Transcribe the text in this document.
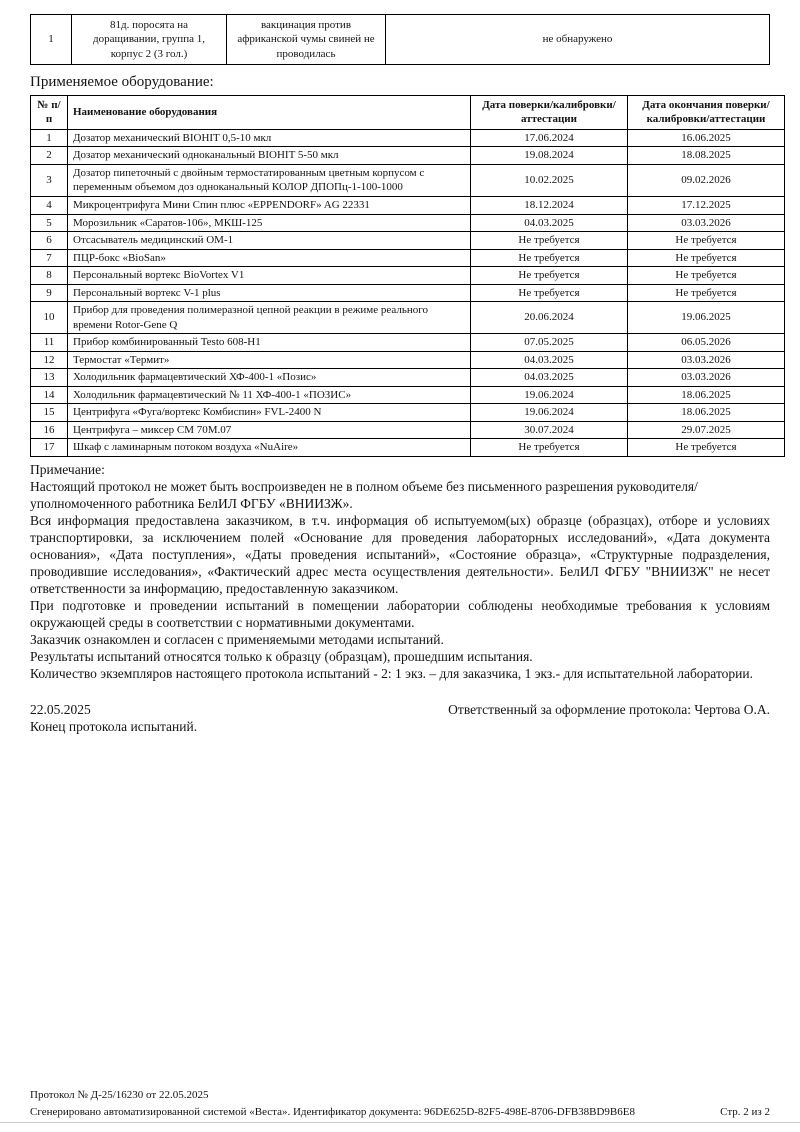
1	81д. поросята на доращивании, группа 1, корпус 2 (3 гол.)	вакцинация против африканской чумы свиней не проводилась	не обнаружено
Применяемое оборудование:
№ п/п	Наименование оборудования	Дата поверки/калибровки/аттестации	Дата окончания поверки/калибровки/аттестации
1	Дозатор механический BIOHIT 0,5-10 мкл	17.06.2024	16.06.2025
2	Дозатор механический одноканальный BIOHIT 5-50 мкл	19.08.2024	18.08.2025
3	Дозатор пипеточный с двойным термостатированным цветным корпусом с переменным объемом доз одноканальный КОЛОР ДПОПц-1-100-1000	10.02.2025	09.02.2026
4	Микроцентрифуга Мини Спин плюс «EPPENDORF» AG 22331	18.12.2024	17.12.2025
5	Морозильник «Саратов-106», МКШ-125	04.03.2025	03.03.2026
6	Отсасыватель медицинский ОМ-1	Не требуется	Не требуется
7	ПЦР-бокс «BioSan»	Не требуется	Не требуется
8	Персональный вортекс BioVortex V1	Не требуется	Не требуется
9	Персональный вортекс V-1 plus	Не требуется	Не требуется
10	Прибор для проведения полимеразной цепной реакции в режиме реального времени Rotor-Gene Q	20.06.2024	19.06.2025
11	Прибор комбинированный Testo 608-H1	07.05.2025	06.05.2026
12	Термостат «Термит»	04.03.2025	03.03.2026
13	Холодильник фармацевтический ХФ-400-1 «Позис»	04.03.2025	03.03.2026
14	Холодильник фармацевтический № 11 ХФ-400-1 «ПОЗИС»	19.06.2024	18.06.2025
15	Центрифуга «Фуга/вортекс Комбиспин» FVL-2400 N	19.06.2024	18.06.2025
16	Центрифуга – миксер СМ 70М.07	30.07.2024	29.07.2025
17	Шкаф с ламинарным потоком воздуха «NuAire»	Не требуется	Не требуется

Примечание:

Настоящий протокол не может быть воспроизведен не в полном объеме без письменного разрешения руководителя/уполномоченного работника БелИЛ ФГБУ «ВНИИЗЖ».

Вся информация предоставлена заказчиком, в т.ч. информация об испытуемом(ых) образце (образцах), отборе и условиях транспортировки, за исключением полей «Основание для проведения лабораторных исследований», «Дата документа основания», «Дата поступления», «Даты проведения испытаний», «Состояние образца», «Структурные подразделения, проводившие исследования», «Фактический адрес места осуществления деятельности». БелИЛ ФГБУ "ВНИИЗЖ" не несет ответственности за информацию, предоставленную заказчиком.

При подготовке и проведении испытаний в помещении лаборатории соблюдены необходимые требования к условиям окружающей среды в соответствии с нормативными документами.

Заказчик ознакомлен и согласен с применяемыми методами испытаний.

Результаты испытаний относятся только к образцу (образцам), прошедшим испытания.

Количество экземпляров настоящего протокола испытаний - 2: 1 экз. – для заказчика, 1 экз.- для испытательной лаборатории.

22.05.2025	Ответственный за оформление протокола: Чертова О.А.
Конец протокола испытаний.
Протокол № Д-25/16230 от 22.05.2025
Сгенерировано автоматизированной системой «Веста». Идентификатор документа: 96DE625D-82F5-498E-8706-DFB38BD9B6E8	Стр. 2 из 2
